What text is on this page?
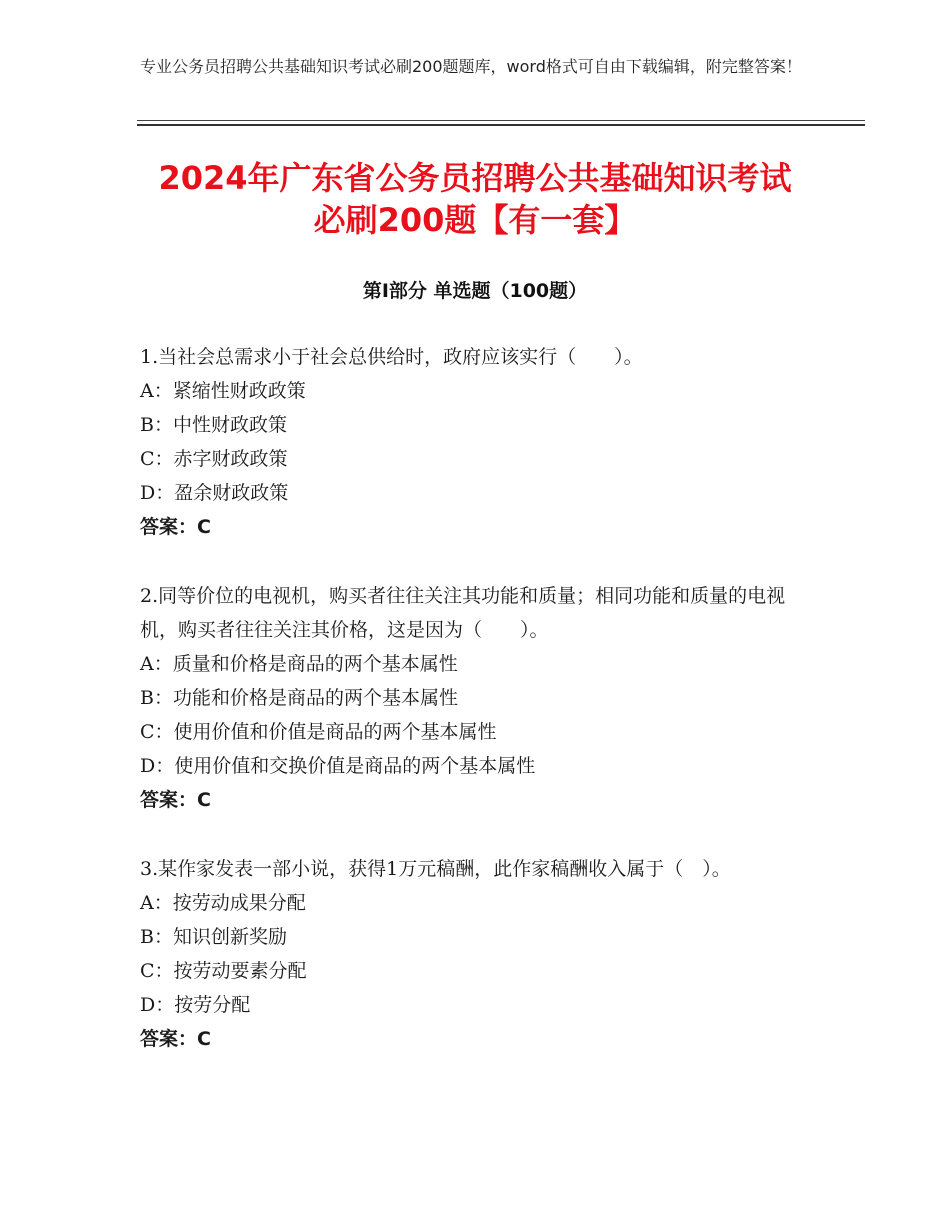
专业公务员招聘公共基础知识考试必刷200题题库，word格式可自由下载编辑，附完整答案！
2024年广东省公务员招聘公共基础知识考试
必刷200题【有一套】
第Ⅰ部分 单选题（100题）
1.当社会总需求小于社会总供给时，政府应该实行（　　）。
A：紧缩性财政政策
B：中性财政政策
C：赤字财政政策
D：盈余财政政策
答案：C
2.同等价位的电视机，购买者往往关注其功能和质量；相同功能和质量的电视机，购买者往往关注其价格，这是因为（　　）。
A：质量和价格是商品的两个基本属性
B：功能和价格是商品的两个基本属性
C：使用价值和价值是商品的两个基本属性
D：使用价值和交换价值是商品的两个基本属性
答案：C
3.某作家发表一部小说，获得1万元稿酬，此作家稿酬收入属于（　）。
A：按劳动成果分配
B：知识创新奖励
C：按劳动要素分配
D：按劳分配
答案：C
